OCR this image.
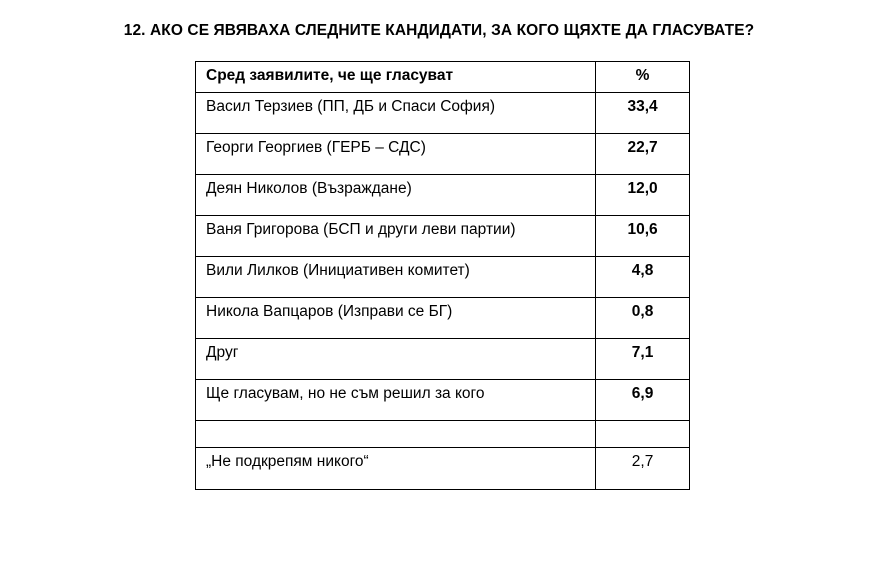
12. АКО СЕ ЯВЯВАХА СЛЕДНИТЕ КАНДИДАТИ, ЗА КОГО ЩЯХТЕ ДА ГЛАСУВАТЕ?
Сред заявилите, че ще гласуват	%
Васил Терзиев (ПП, ДБ и Спаси София)	33,4
Георги Георгиев (ГЕРБ – СДС)	22,7
Деян Николов (Възраждане)	12,0
Ваня Григорова (БСП и други леви партии)	10,6
Вили Лилков (Инициативен комитет)	4,8
Никола Вапцаров (Изправи се БГ)	0,8
Друг	7,1
Ще гласувам, но не съм решил за кого	6,9

„Не подкрепям никого“	2,7
